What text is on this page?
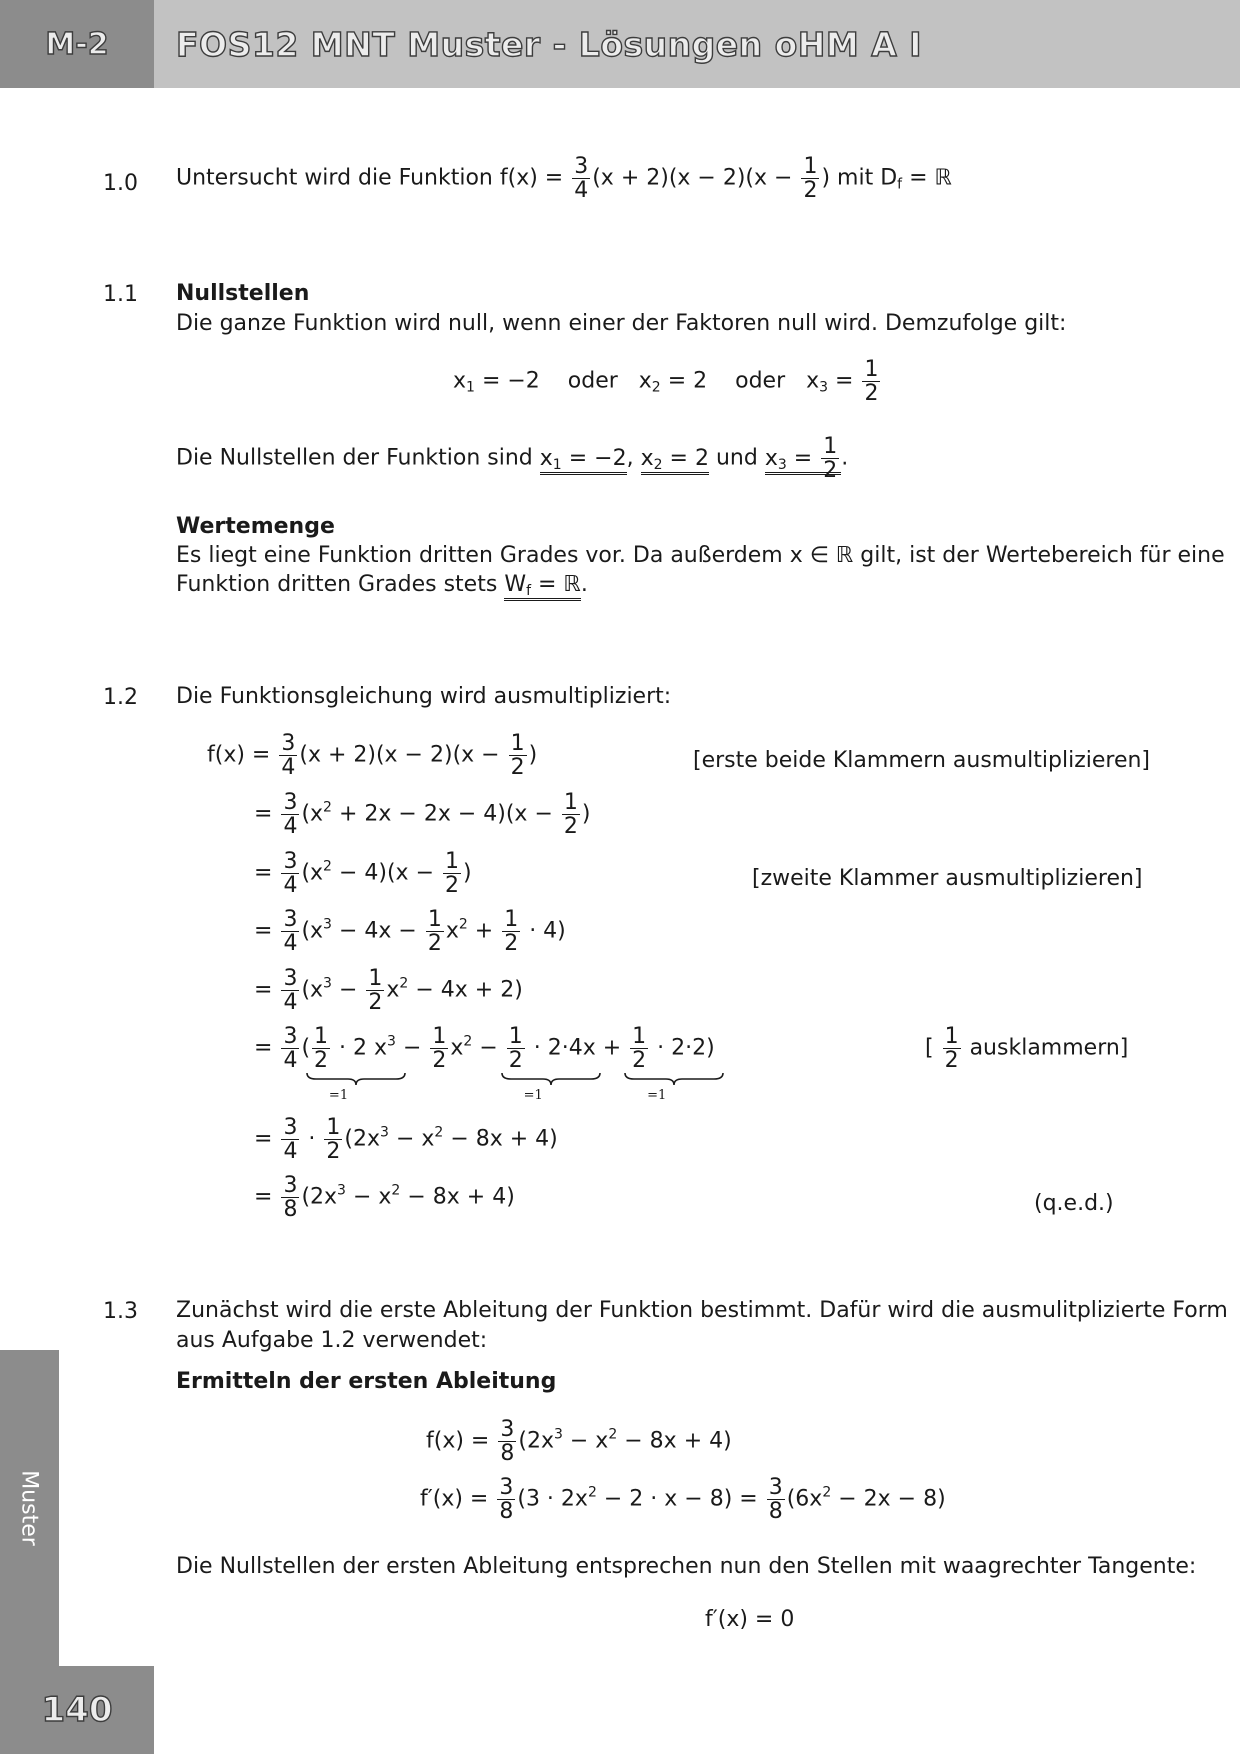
M-2 FOS12 MNT Muster - Lösungen oHM A I
Muster
140
1.0 Untersucht wird die Funktion $f(x) = \frac{3}{4} (x + 2)(x - 2)(x - \frac{1}{2}$ ) mit $D_f$ = ℝ
1.1 Nullstellen
Die ganze Funktion wird null, wenn einer der Faktoren null wird. Demzufolge gilt:
$x_1 = -2$    oder   $x_2 = 2$    oder   $x_3 = \frac{1}{2}$
Die Nullstellen der Funktion sind $x_1 = -2$, $x_2 = 2$ und $x_3 = \frac{1}{2}$ .
Wertemenge
Es liegt eine Funktion dritten Grades vor. Da außerdem x ∈ ℝ gilt, ist der Wertebereich für eine
Funktion dritten Grades stets $W_f$ = ℝ.
1.2 Die Funktionsgleichung wird ausmultipliziert:
$f(x) = \frac{3}{4} (x + 2)(x - 2)(x - \frac{1}{2}$ )	[erste beide Klammern ausmultiplizieren]
= $\frac{3}{4} (x^2 + 2x - 2x - 4)(x - \frac{1}{2}$ )
= $\frac{3}{4} (x^2 - 4)(x - \frac{1}{2}$ )	[zweite Klammer ausmultiplizieren]
= $\frac{3}{4} (x^3 - 4x - \frac{1}{2} x^2 + \frac{1}{2} \cdot 4)$
= $\frac{3}{4} (x^3 - \frac{1}{2} x^2 - 4x + 2)$
= $\frac{3}{4}$ ( $\frac{1}{2} \cdot 2$
=1
$x^3 - \frac{1}{2} x^2 - \frac{1}{2} \cdot 2$
=1
$\cdot 4x + \frac{1}{2} \cdot 2$
=1
·2)	[ $\frac{1}{2}$ ausklammern]
= $\frac{3}{4} \cdot \frac{1}{2} (2x^3 - x^2 - 8x + 4)$
= $\frac{3}{8} (2x^3 - x^2 - 8x + 4)$	(q.e.d.)
1.3 Zunächst wird die erste Ableitung der Funktion bestimmt. Dafür wird die ausmulitplizierte Form
aus Aufgabe 1.2 verwendet:
Ermitteln der ersten Ableitung
$f(x) = \frac{3}{8} (2x^3 - x^2 - 8x + 4)$
$f'(x) = \frac{3}{8} (3 \cdot 2x^2 - 2 \cdot x - 8) = \frac{3}{8} (6x^2 - 2x - 8)$
Die Nullstellen der ersten Ableitung entsprechen nun den Stellen mit waagrechter Tangente:
f′(x) = 0
